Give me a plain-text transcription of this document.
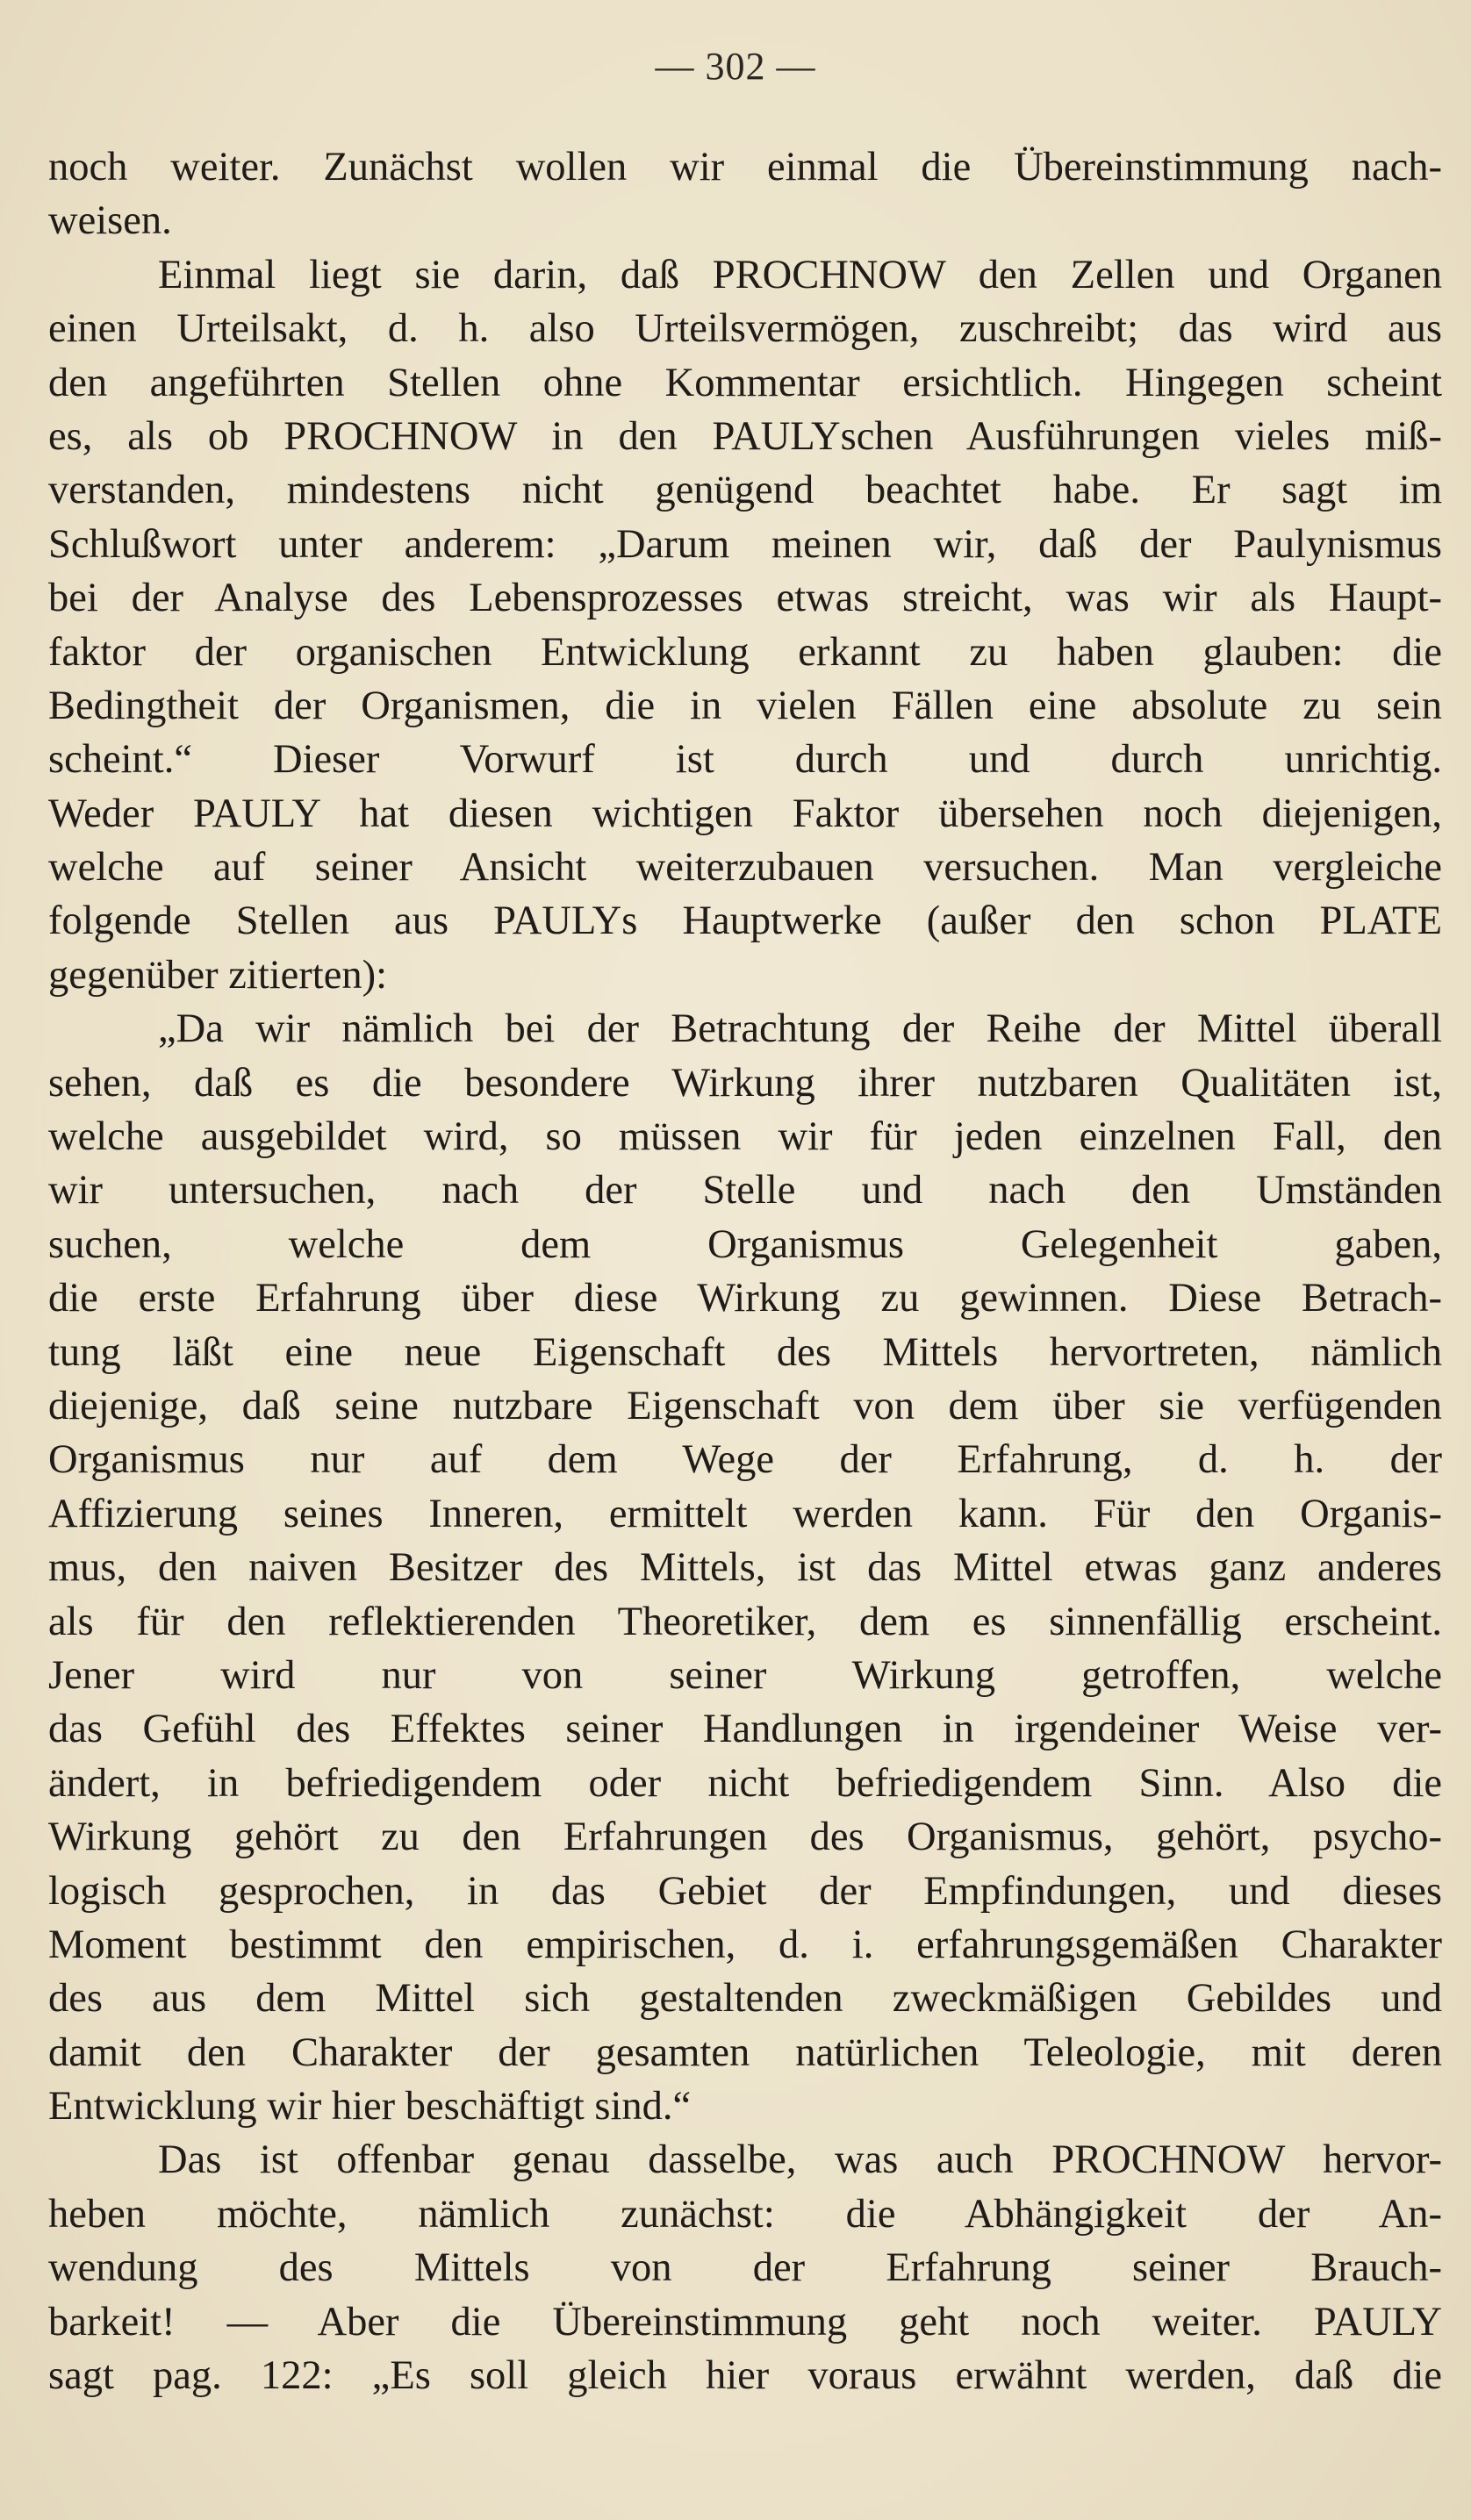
— 302 —
noch weiter. Zunächst wollen wir einmal die Übereinstimmung nach-
weisen.
Einmal liegt sie darin, daß PROCHNOW den Zellen und Organen
einen Urteilsakt, d. h. also Urteilsvermögen, zuschreibt; das wird aus
den angeführten Stellen ohne Kommentar ersichtlich. Hingegen scheint
es, als ob PROCHNOW in den PAULYschen Ausführungen vieles miß-
verstanden, mindestens nicht genügend beachtet habe. Er sagt im
Schlußwort unter anderem: „Darum meinen wir, daß der Paulynismus
bei der Analyse des Lebensprozesses etwas streicht, was wir als Haupt-
faktor der organischen Entwicklung erkannt zu haben glauben: die
Bedingtheit der Organismen, die in vielen Fällen eine absolute zu sein
scheint.“ Dieser Vorwurf ist durch und durch unrichtig.
Weder PAULY hat diesen wichtigen Faktor übersehen noch diejenigen,
welche auf seiner Ansicht weiterzubauen versuchen. Man vergleiche
folgende Stellen aus PAULYs Hauptwerke (außer den schon PLATE
gegenüber zitierten):
„Da wir nämlich bei der Betrachtung der Reihe der Mittel überall
sehen, daß es die besondere Wirkung ihrer nutzbaren Qualitäten ist,
welche ausgebildet wird, so müssen wir für jeden einzelnen Fall, den
wir untersuchen, nach der Stelle und nach den Umständen
suchen, welche dem Organismus Gelegenheit gaben,
die erste Erfahrung über diese Wirkung zu gewinnen. Diese Betrach-
tung läßt eine neue Eigenschaft des Mittels hervortreten, nämlich
diejenige, daß seine nutzbare Eigenschaft von dem über sie verfügenden
Organismus nur auf dem Wege der Erfahrung, d. h. der
Affizierung seines Inneren, ermittelt werden kann. Für den Organis-
mus, den naiven Besitzer des Mittels, ist das Mittel etwas ganz anderes
als für den reflektierenden Theoretiker, dem es sinnenfällig erscheint.
Jener wird nur von seiner Wirkung getroffen, welche
das Gefühl des Effektes seiner Handlungen in irgendeiner Weise ver-
ändert, in befriedigendem oder nicht befriedigendem Sinn. Also die
Wirkung gehört zu den Erfahrungen des Organismus, gehört, psycho-
logisch gesprochen, in das Gebiet der Empfindungen, und dieses
Moment bestimmt den empirischen, d. i. erfahrungsgemäßen Charakter
des aus dem Mittel sich gestaltenden zweckmäßigen Gebildes und
damit den Charakter der gesamten natürlichen Teleologie, mit deren
Entwicklung wir hier beschäftigt sind.“
Das ist offenbar genau dasselbe, was auch PROCHNOW hervor-
heben möchte, nämlich zunächst: die Abhängigkeit der An-
wendung des Mittels von der Erfahrung seiner Brauch-
barkeit! — Aber die Übereinstimmung geht noch weiter. PAULY
sagt pag. 122: „Es soll gleich hier voraus erwähnt werden, daß die
